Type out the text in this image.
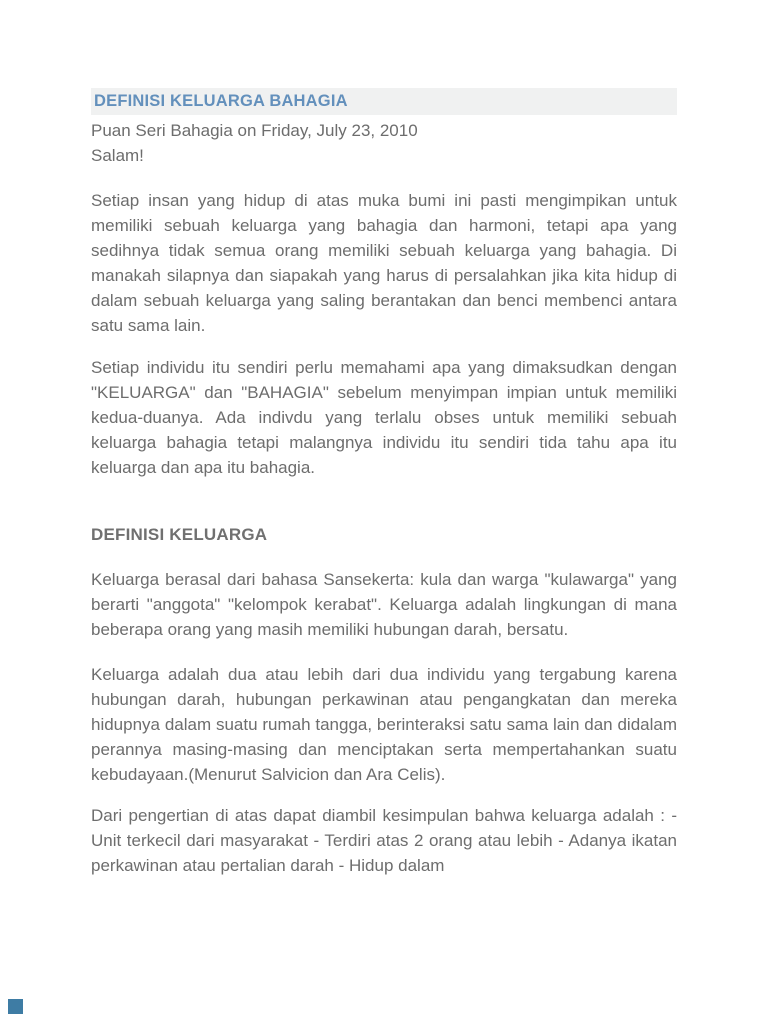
DEFINISI KELUARGA BAHAGIA
Puan Seri Bahagia on Friday, July 23, 2010
Salam!

Setiap insan yang hidup di atas muka bumi ini pasti mengimpikan untuk memiliki sebuah keluarga yang bahagia dan harmoni, tetapi apa yang sedihnya tidak semua orang memiliki sebuah keluarga yang bahagia. Di manakah silapnya dan siapakah yang harus di persalahkan jika kita hidup di dalam sebuah keluarga yang saling berantakan dan benci membenci antara satu sama lain.

Setiap individu itu sendiri perlu memahami apa yang dimaksudkan dengan "KELUARGA" dan "BAHAGIA" sebelum menyimpan impian untuk memiliki kedua-duanya. Ada indivdu yang terlalu obses untuk memiliki sebuah keluarga bahagia tetapi malangnya individu itu sendiri tida tahu apa itu keluarga dan apa itu bahagia.

DEFINISI KELUARGA

Keluarga berasal dari bahasa Sansekerta: kula dan warga "kulawarga" yang berarti "anggota" "kelompok kerabat". Keluarga adalah lingkungan di mana beberapa orang yang masih memiliki hubungan darah, bersatu.

Keluarga adalah dua atau lebih dari dua individu yang tergabung karena hubungan darah, hubungan perkawinan atau pengangkatan dan mereka hidupnya dalam suatu rumah tangga, berinteraksi satu sama lain dan didalam perannya masing-masing dan menciptakan serta mempertahankan suatu kebudayaan.(Menurut Salvicion dan Ara Celis).

Dari pengertian di atas dapat diambil kesimpulan bahwa keluarga adalah : - Unit terkecil dari masyarakat - Terdiri atas 2 orang atau lebih - Adanya ikatan perkawinan atau pertalian darah - Hidup dalam
